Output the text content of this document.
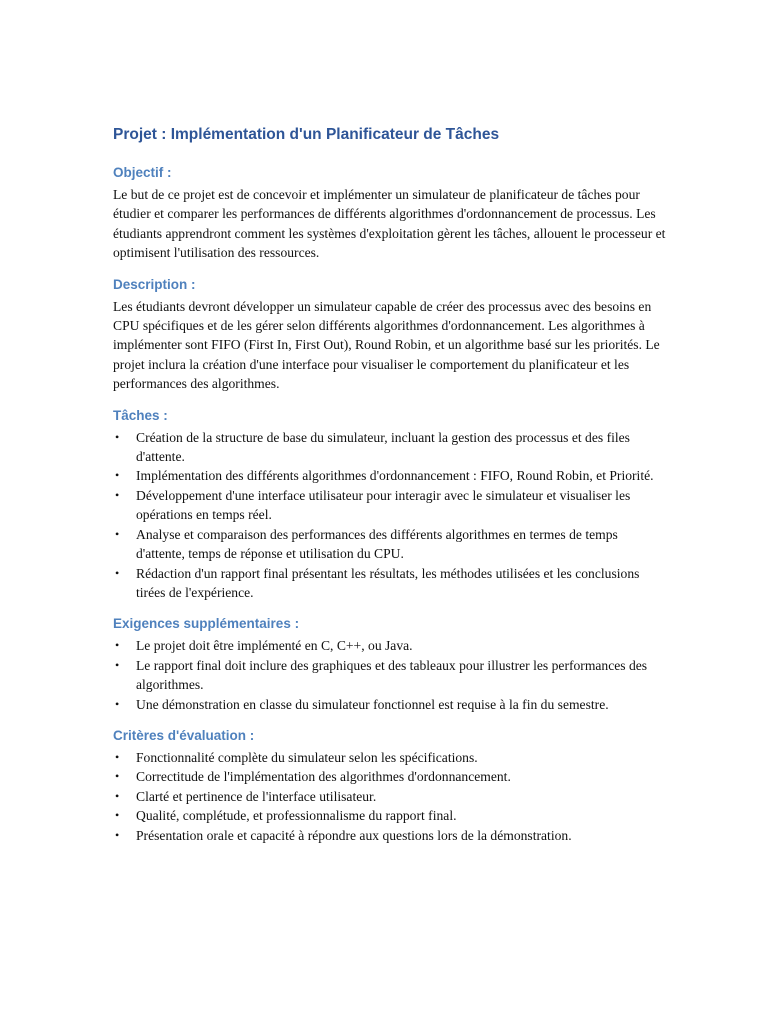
Projet : Implémentation d'un Planificateur de Tâches
Objectif :

Le but de ce projet est de concevoir et implémenter un simulateur de planificateur de tâches pour étudier et comparer les performances de différents algorithmes d'ordonnancement de processus. Les étudiants apprendront comment les systèmes d'exploitation gèrent les tâches, allouent le processeur et optimisent l'utilisation des ressources.

Description :

Les étudiants devront développer un simulateur capable de créer des processus avec des besoins en CPU spécifiques et de les gérer selon différents algorithmes d'ordonnancement. Les algorithmes à implémenter sont FIFO (First In, First Out), Round Robin, et un algorithme basé sur les priorités. Le projet inclura la création d'une interface pour visualiser le comportement du planificateur et les performances des algorithmes.

Tâches :
• Création de la structure de base du simulateur, incluant la gestion des processus et des files d'attente.
• Implémentation des différents algorithmes d'ordonnancement : FIFO, Round Robin, et Priorité.
• Développement d'une interface utilisateur pour interagir avec le simulateur et visualiser les opérations en temps réel.
• Analyse et comparaison des performances des différents algorithmes en termes de temps d'attente, temps de réponse et utilisation du CPU.
• Rédaction d'un rapport final présentant les résultats, les méthodes utilisées et les conclusions tirées de l'expérience.
Exigences supplémentaires :
• Le projet doit être implémenté en C, C++, ou Java.
• Le rapport final doit inclure des graphiques et des tableaux pour illustrer les performances des algorithmes.
• Une démonstration en classe du simulateur fonctionnel est requise à la fin du semestre.
Critères d'évaluation :
• Fonctionnalité complète du simulateur selon les spécifications.
• Correctitude de l'implémentation des algorithmes d'ordonnancement.
• Clarté et pertinence de l'interface utilisateur.
• Qualité, complétude, et professionnalisme du rapport final.
• Présentation orale et capacité à répondre aux questions lors de la démonstration.
